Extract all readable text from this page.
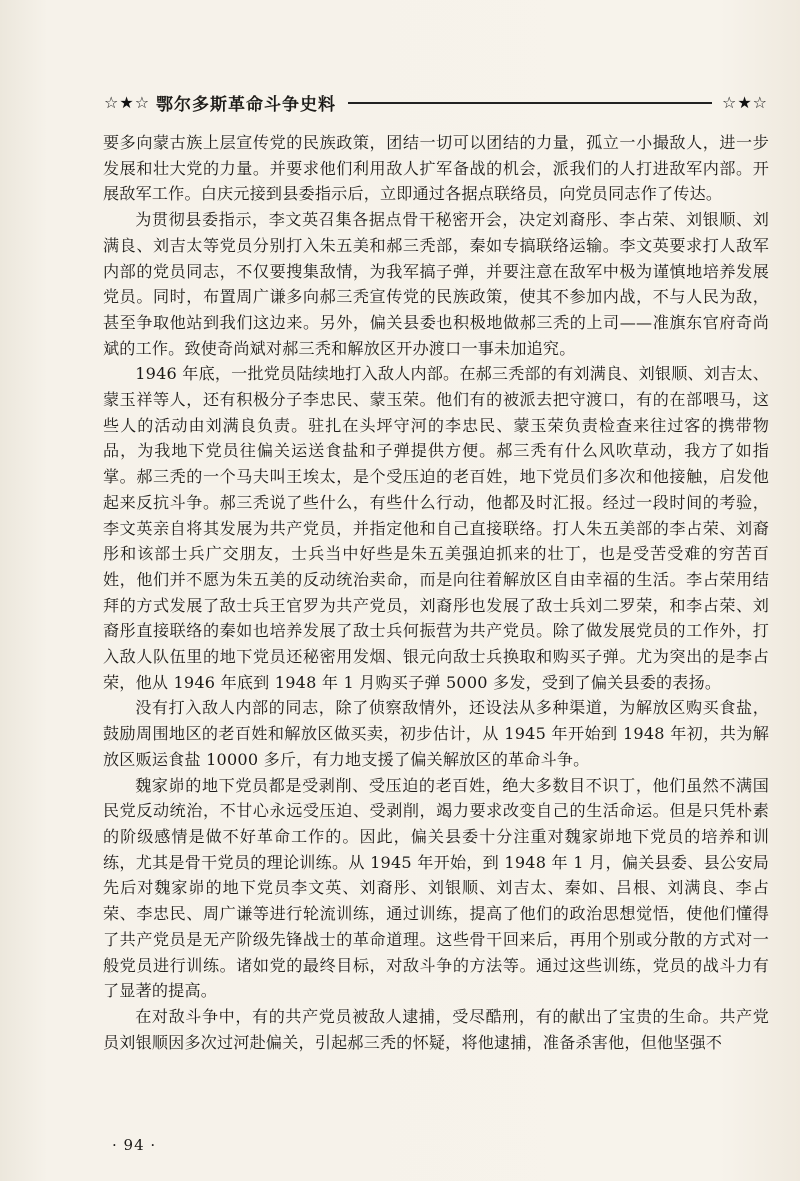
☆★☆ 鄂尔多斯革命斗争史料	☆★☆

要多向蒙古族上层宣传党的民族政策，团结一切可以团结的力量，孤立一小撮敌人，进一步发展和壮大党的力量。并要求他们利用敌人扩军备战的机会，派我们的人打进敌军内部。开展敌军工作。白庆元接到县委指示后，立即通过各据点联络员，向党员同志作了传达。

为贯彻县委指示，李文英召集各据点骨干秘密开会，决定刘裔彤、李占荣、刘银顺、刘满良、刘吉太等党员分别打入朱五美和郝三秃部，秦如专搞联络运输。李文英要求打人敌军内部的党员同志，不仅要搜集敌情，为我军搞子弹，并要注意在敌军中极为谨慎地培养发展党员。同时，布置周广谦多向郝三秃宣传党的民族政策，使其不参加内战，不与人民为敌，甚至争取他站到我们这边来。另外，偏关县委也积极地做郝三秃的上司——准旗东官府奇尚斌的工作。致使奇尚斌对郝三秃和解放区开办渡口一事未加追究。

1946 年底，一批党员陆续地打入敌人内部。在郝三秃部的有刘满良、刘银顺、刘吉太、蒙玉祥等人，还有积极分子李忠民、蒙玉荣。他们有的被派去把守渡口，有的在部喂马，这些人的活动由刘满良负责。驻扎在头坪守河的李忠民、蒙玉荣负责检查来往过客的携带物品，为我地下党员往偏关运送食盐和子弹提供方便。郝三秃有什么风吹草动，我方了如指掌。郝三秃的一个马夫叫王埃太，是个受压迫的老百姓，地下党员们多次和他接触，启发他起来反抗斗争。郝三秃说了些什么，有些什么行动，他都及时汇报。经过一段时间的考验，李文英亲自将其发展为共产党员，并指定他和自己直接联络。打人朱五美部的李占荣、刘裔彤和该部士兵广交朋友，士兵当中好些是朱五美强迫抓来的壮丁，也是受苦受难的穷苦百姓，他们并不愿为朱五美的反动统治卖命，而是向往着解放区自由幸福的生活。李占荣用结拜的方式发展了敌士兵王官罗为共产党员，刘裔彤也发展了敌士兵刘二罗荣，和李占荣、刘裔彤直接联络的秦如也培养发展了敌士兵何振营为共产党员。除了做发展党员的工作外，打入敌人队伍里的地下党员还秘密用发烟、银元向敌士兵换取和购买子弹。尤为突出的是李占荣，他从 1946 年底到 1948 年 1 月购买子弹 5000 多发，受到了偏关县委的表扬。

没有打入敌人内部的同志，除了侦察敌情外，还设法从多种渠道，为解放区购买食盐，鼓励周围地区的老百姓和解放区做买卖，初步估计，从 1945 年开始到 1948 年初，共为解放区贩运食盐 10000 多斤，有力地支援了偏关解放区的革命斗争。

魏家峁的地下党员都是受剥削、受压迫的老百姓，绝大多数目不识丁，他们虽然不满国民党反动统治，不甘心永远受压迫、受剥削，竭力要求改变自己的生活命运。但是只凭朴素的阶级感情是做不好革命工作的。因此，偏关县委十分注重对魏家峁地下党员的培养和训练，尤其是骨干党员的理论训练。从 1945 年开始，到 1948 年 1 月，偏关县委、县公安局先后对魏家峁的地下党员李文英、刘裔彤、刘银顺、刘吉太、秦如、吕根、刘满良、李占荣、李忠民、周广谦等进行轮流训练，通过训练，提高了他们的政治思想觉悟，使他们懂得了共产党员是无产阶级先锋战士的革命道理。这些骨干回来后，再用个别或分散的方式对一般党员进行训练。诸如党的最终目标，对敌斗争的方法等。通过这些训练，党员的战斗力有了显著的提高。

在对敌斗争中，有的共产党员被敌人逮捕，受尽酷刑，有的献出了宝贵的生命。共产党员刘银顺因多次过河赴偏关，引起郝三秃的怀疑，将他逮捕，准备杀害他，但他坚强不

· 94 ·
